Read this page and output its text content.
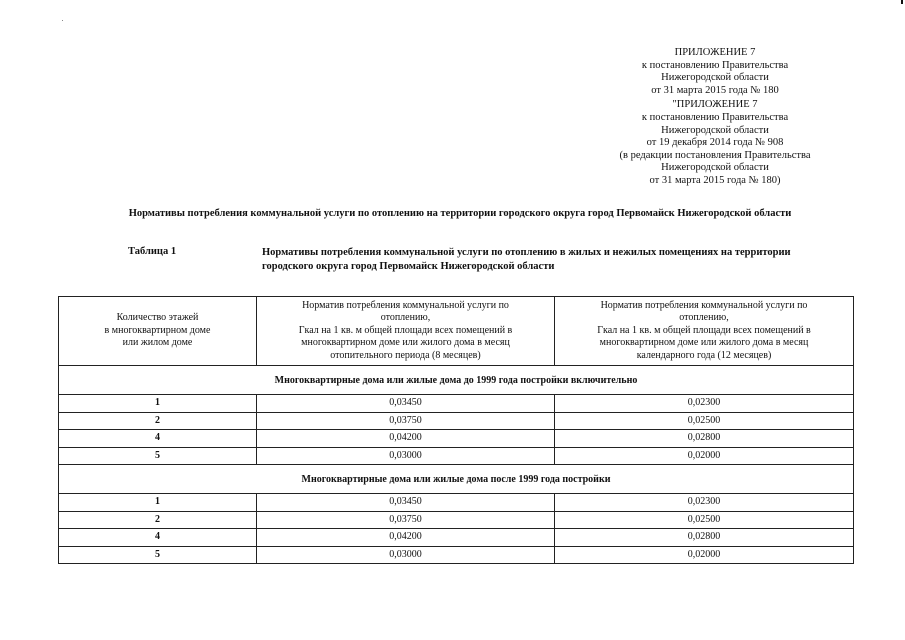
ПРИЛОЖЕНИЕ 7
к постановлению Правительства
Нижегородской области
от 31 марта 2015 года № 180
"ПРИЛОЖЕНИЕ 7
к постановлению Правительства
Нижегородской области
от 19 декабря 2014 года № 908
(в редакции постановления Правительства
Нижегородской области
от 31 марта 2015 года № 180)
Нормативы потребления коммунальной услуги по отоплению на территории городского округа город Первомайск Нижегородской области
Таблица 1	Нормативы потребления коммунальной услуги по отоплению в жилых и нежилых помещениях на территории городского округа город Первомайск Нижегородской области
Количество этажей
в многоквартирном доме
или жилом доме	Норматив потребления коммунальной услуги по
отоплению,
Гкал на 1 кв. м общей площади всех помещений в
многоквартирном доме или жилого дома в месяц
отопительного периода (8 месяцев)	Норматив потребления коммунальной услуги по
отоплению,
Гкал на 1 кв. м общей площади всех помещений в
многоквартирном доме или жилого дома в месяц
календарного года (12 месяцев)
Многоквартирные дома или жилые дома до 1999 года постройки включительно		
1	0,03450	0,02300
2	0,03750	0,02500
4	0,04200	0,02800
5	0,03000	0,02000
Многоквартирные дома или жилые дома после 1999 года постройки		
1	0,03450	0,02300
2	0,03750	0,02500
4	0,04200	0,02800
5	0,03000	0,02000
